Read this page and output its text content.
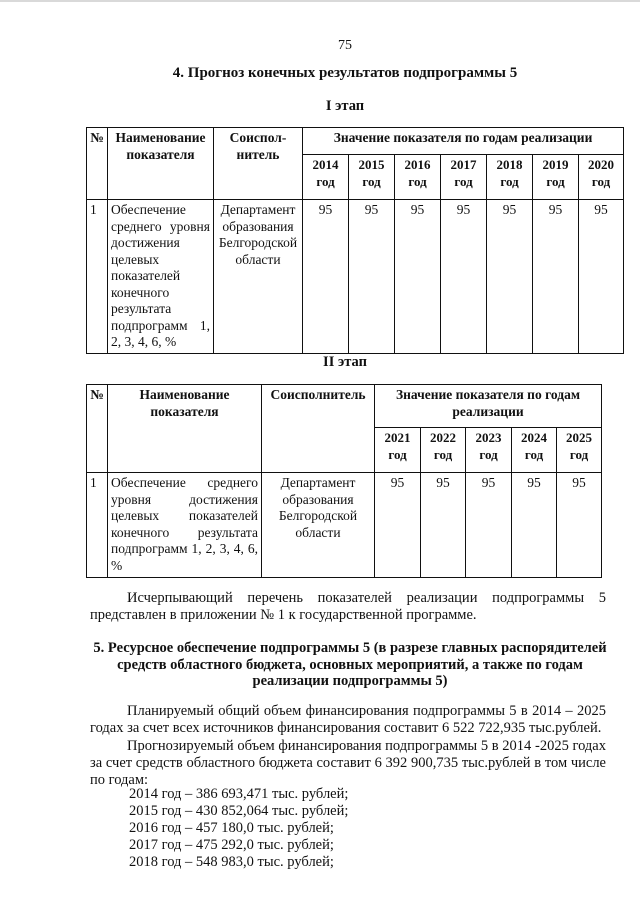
75
4. Прогноз конечных результатов подпрограммы 5
I этап
№	Наименование показателя	Соиспол-нитель	Значение показателя по годам реализации						
			2014 год	2015 год	2016 год	2017 год	2018 год	2019 год	2020 год
1	Обеспечение среднего уровня достижения целевых показателей конечного результата подпрограмм 1, 2, 3, 4, 6, %	Департамент образования Белгородской области	95	95	95	95	95	95	95
II этап
№	Наименование показателя	Соисполнитель	Значение показателя по годам реализации				
			2021 год	2022 год	2023 год	2024 год	2025 год
1	Обеспечение среднего уровня достижения целевых показателей конечного результата подпрограмм 1, 2, 3, 4, 6, %	Департамент образования Белгородской области	95	95	95	95	95
Исчерпывающий перечень показателей реализации подпрограммы 5 представлен в приложении № 1 к государственной программе.
5. Ресурсное обеспечение подпрограммы 5 (в разрезе главных распорядителей средств областного бюджета, основных мероприятий, а также по годам реализации подпрограммы 5)
Планируемый общий объем финансирования подпрограммы 5 в 2014 – 2025 годах за счет всех источников финансирования составит 6 522 722,935 тыс.рублей.
Прогнозируемый объем финансирования подпрограммы 5 в 2014 -2025 годах за счет средств областного бюджета составит 6 392 900,735 тыс.рублей в том числе по годам:
2014 год – 386 693,471 тыс. рублей;
2015 год – 430 852,064 тыс. рублей;
2016 год – 457 180,0 тыс. рублей;
2017 год – 475 292,0 тыс. рублей;
2018 год – 548 983,0 тыс. рублей;
